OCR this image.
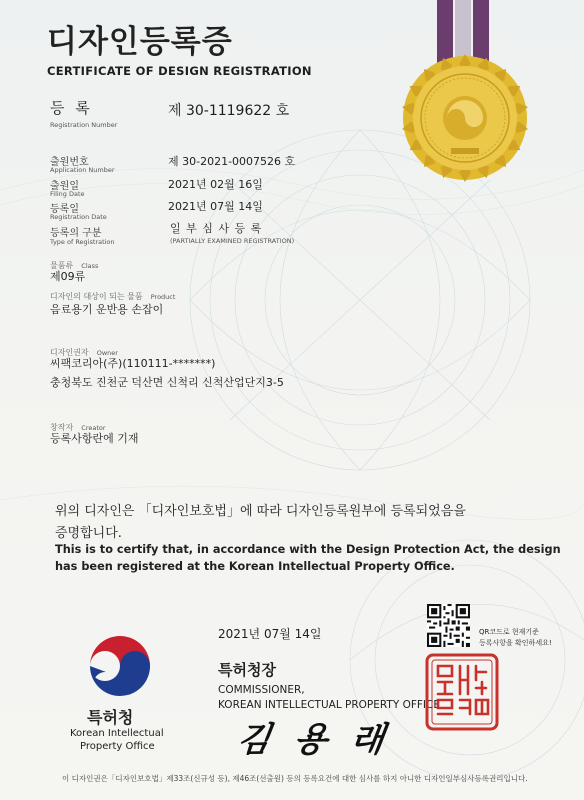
디자인등록증
CERTIFICATE OF DESIGN REGISTRATION
등 록
Registration Number
제 30-1119622 호
출원번호
Application Number
제 30-2021-0007526 호
출원일
Filing Date
2021년 02월 16일
등록일
Registration Date
2021년 07월 14일
등록의 구분
Type of Registration
일 부 심 사 등 록
(PARTIALLY EXAMINED REGISTRATION)
물품류 Class
제09류
디자인의 대상이 되는 물품 Product
음료용기 운반용 손잡이
디자인권자 Owner
씨팩코리아(주)(110111-*******)
충청북도 진천군 덕산면 신척리 신척산업단지3-5
창작자 Creator
등록사항란에 기재
위의 디자인은 「디자인보호법」에 따라 디자인등록원부에 등록되었음을
증명합니다.
This is to certify that, in accordance with the Design Protection Act, the design
has been registered at the Korean Intellectual Property Office.
2021년 07월 14일
특허청장
COMMISSIONER,
KOREAN INTELLECTUAL PROPERTY OFFICE
김 용 래
특허청
Korean Intellectual
Property Office
QR코드로 현재기준
등록사항을 확인하세요!
이 디자인권은「디자인보호법」제33조(신규성 등), 제46조(선출원) 등의 등록요건에 대한 심사를 하지 아니한 디자인일부심사등록권리입니다.
